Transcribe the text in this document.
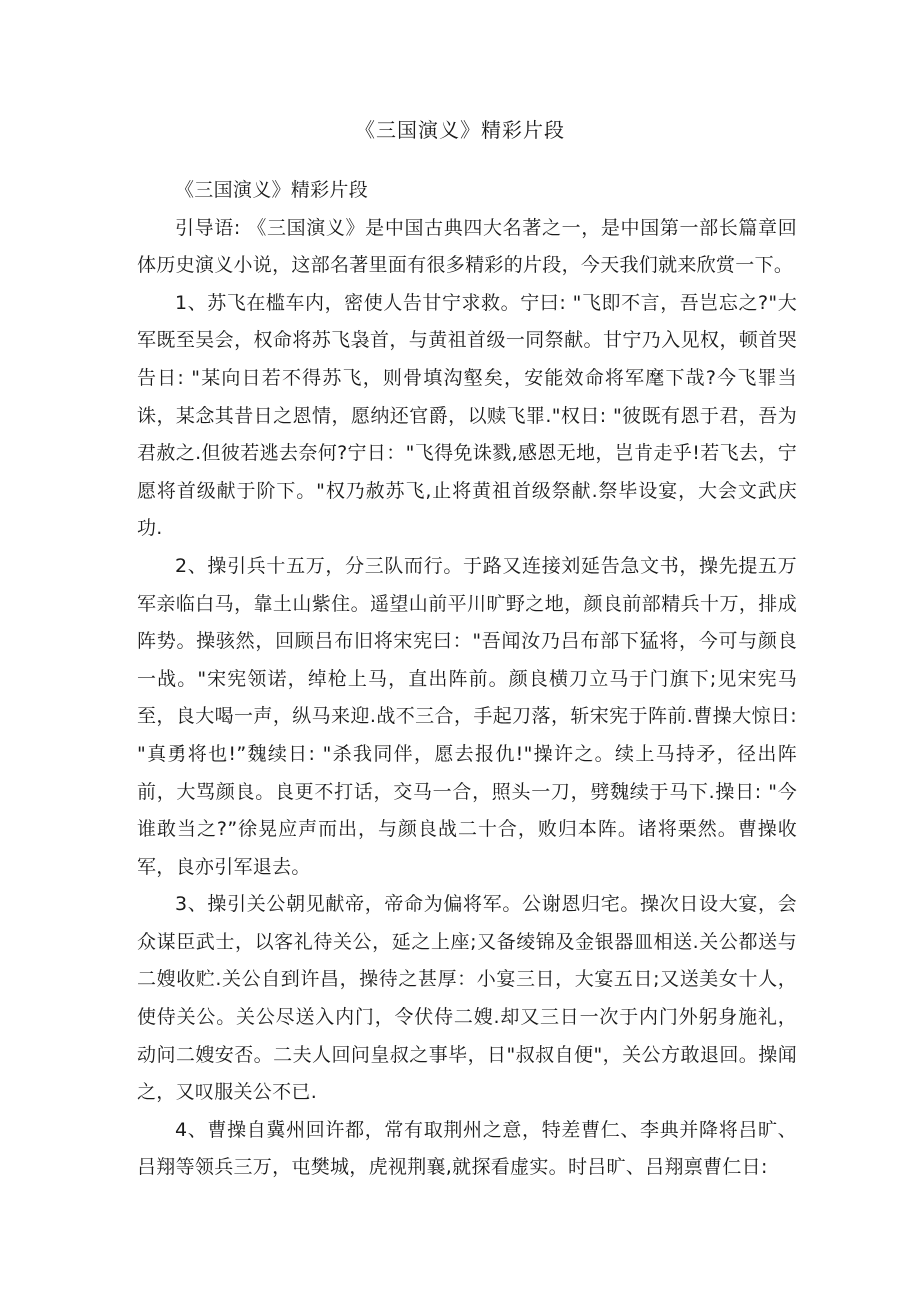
《三国演义》精彩片段

《三国演义》精彩片段

引导语: 《三国演义》是中国古典四大名著之一，是中国第一部长篇章回体历史演义小说，这部名著里面有很多精彩的片段，今天我们就来欣赏一下。

1、苏飞在槛车内，密使人告甘宁求救。宁曰: "飞即不言，吾岂忘之?"大军既至吴会，权命将苏飞袅首，与黄祖首级一同祭献。甘宁乃入见权，顿首哭告日: "某向日若不得苏飞，则骨填沟壑矣，安能效命将军麾下哉?今飞罪当诛，某念其昔日之恩情，愿纳还官爵，以赎飞罪."权日: "彼既有恩于君，吾为君赦之.但彼若逃去奈何?宁日："飞得免诛戮,感恩无地，岂肯走乎!若飞去，宁愿将首级献于阶下。"权乃赦苏飞,止将黄祖首级祭献.祭毕设宴，大会文武庆功.

2、操引兵十五万，分三队而行。于路又连接刘延告急文书，操先提五万军亲临白马，靠土山紫住。遥望山前平川旷野之地，颜良前部精兵十万，排成阵势。操骇然，回顾吕布旧将宋宪曰："吾闻汝乃吕布部下猛将，今可与颜良一战。"宋宪领诺，绰枪上马，直出阵前。颜良横刀立马于门旗下;见宋宪马至，良大喝一声，纵马来迎.战不三合，手起刀落，斩宋宪于阵前.曹操大惊日: "真勇将也!”魏续日: "杀我同伴，愿去报仇!"操许之。续上马持矛，径出阵前，大骂颜良。良更不打话，交马一合，照头一刀，劈魏续于马下.操日: "今谁敢当之?”徐晃应声而出，与颜良战二十合，败归本阵。诸将栗然。曹操收军，良亦引军退去。

3、操引关公朝见献帝，帝命为偏将军。公谢恩归宅。操次日设大宴，会众谋臣武士，以客礼待关公，延之上座;又备绫锦及金银器皿相送.关公都送与二嫂收贮.关公自到许昌，操待之甚厚：小宴三日，大宴五日;又送美女十人，使侍关公。关公尽送入内门，令伏侍二嫂.却又三日一次于内门外躬身施礼，动问二嫂安否。二夫人回问皇叔之事毕，日"叔叔自便"，关公方敢退回。操闻之，又叹服关公不已.

4、曹操自冀州回许都，常有取荆州之意，特差曹仁、李典并降将吕旷、吕翔等领兵三万，屯樊城，虎视荆襄,就探看虚实。时吕旷、吕翔禀曹仁日:
